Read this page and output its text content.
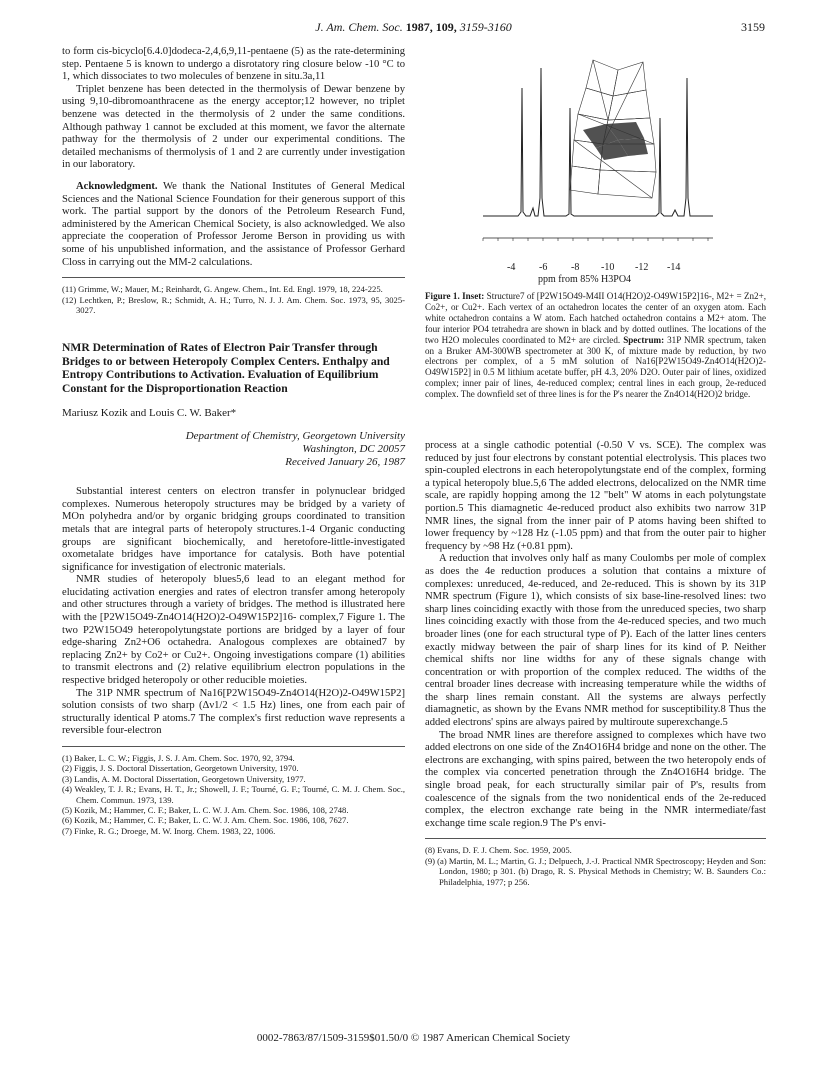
J. Am. Chem. Soc. 1987, 109, 3159-3160	3159

to form cis-bicyclo[6.4.0]dodeca-2,4,6,9,11-pentaene (5) as the rate-determining step. Pentaene 5 is known to undergo a disrotatory ring closure below -10 °C to 1, which dissociates to two molecules of benzene in situ.3a,11

Triplet benzene has been detected in the thermolysis of Dewar benzene by using 9,10-dibromoanthracene as the energy acceptor;12 however, no triplet benzene was detected in the thermolysis of 2 under the same conditions. Although pathway 1 cannot be excluded at this moment, we favor the alternate pathway for the thermolysis of 2 under our experimental conditions. The detailed mechanisms of thermolysis of 1 and 2 are currently under investigation in our laboratory.

Acknowledgment. We thank the National Institutes of General Medical Sciences and the National Science Foundation for their generous support of this work. The partial support by the donors of the Petroleum Research Fund, administered by the American Chemical Society, is also acknowledged. We also appreciate the cooperation of Professor Jerome Berson in providing us with some of his unpublished information, and the assistance of Professor Gerhard Closs in carrying out the MM-2 calculations.

(11) Grimme, W.; Mauer, M.; Reinhardt, G. Angew. Chem., Int. Ed. Engl. 1979, 18, 224-225.

(12) Lechtken, P.; Breslow, R.; Schmidt, A. H.; Turro, N. J. J. Am. Chem. Soc. 1973, 95, 3025-3027.

NMR Determination of Rates of Electron Pair Transfer through Bridges to or between Heteropoly Complex Centers. Enthalpy and Entropy Contributions to Activation. Evaluation of Equilibrium Constant for the Disproportionation Reaction
Mariusz Kozik and Louis C. W. Baker*
Department of Chemistry, Georgetown University
Washington, DC 20057
Received January 26, 1987

Substantial interest centers on electron transfer in polynuclear bridged complexes. Numerous heteropoly structures may be bridged by a variety of MOn polyhedra and/or by organic bridging groups coordinated to transition metals that are integral parts of heteropoly structures.1-4 Organic conducting groups are significant biochemically, and heretofore-little-investigated oxometalate bridges have importance for catalysis. Both have potential significance for investigation of electronic materials.

NMR studies of heteropoly blues5,6 lead to an elegant method for elucidating activation energies and rates of electron transfer among heteropoly and other structures through a variety of bridges. The method is illustrated here with the [P2W15O49-Zn4O14(H2O)2-O49W15P2]16- complex,7 Figure 1. The two P2W15O49 heteropolytungstate portions are bridged by a layer of four edge-sharing Zn2+O6 octahedra. Analogous complexes are obtained7 by replacing Zn2+ by Co2+ or Cu2+. Ongoing investigations compare (1) abilities to transmit electrons and (2) relative equilibrium electron populations in the respective bridged heteropoly or other reducible moieties.

The 31P NMR spectrum of Na16[P2W15O49-Zn4O14(H2O)2-O49W15P2] solution consists of two sharp (Δν1/2 < 1.5 Hz) lines, one from each pair of structurally identical P atoms.7 The complex's first reduction wave represents a reversible four-electron

(1) Baker, L. C. W.; Figgis, J. S. J. Am. Chem. Soc. 1970, 92, 3794.

(2) Figgis, J. S. Doctoral Dissertation, Georgetown University, 1970.

(3) Landis, A. M. Doctoral Dissertation, Georgetown University, 1977.

(4) Weakley, T. J. R.; Evans, H. T., Jr.; Showell, J. F.; Tourné, G. F.; Tourné, C. M. J. Chem. Soc., Chem. Commun. 1973, 139.

(5) Kozik, M.; Hammer, C. F.; Baker, L. C. W. J. Am. Chem. Soc. 1986, 108, 2748.

(6) Kozik, M.; Hammer, C. F.; Baker, L. C. W. J. Am. Chem. Soc. 1986, 108, 7627.

(7) Finke, R. G.; Droege, M. W. Inorg. Chem. 1983, 22, 1006.

-4 -6 -8 -10 -12 -14
ppm from 85% H3PO4
Figure 1. Inset: Structure7 of [P2W15O49-M4II O14(H2O)2-O49W15P2]16-, M2+ = Zn2+, Co2+, or Cu2+. Each vertex of an octahedron locates the center of an oxygen atom. Each white octahedron contains a W atom. Each hatched octahedron contains a M2+ atom. The four interior PO4 tetrahedra are shown in black and by dotted outlines. The locations of the two H2O molecules coordinated to M2+ are circled. Spectrum: 31P NMR spectrum, taken on a Bruker AM-300WB spectrometer at 300 K, of mixture made by reduction, by two electrons per complex, of a 5 mM solution of Na16[P2W15O49-Zn4O14(H2O)2-O49W15P2] in 0.5 M lithium acetate buffer, pH 4.3, 20% D2O. Outer pair of lines, oxidized complex; inner pair of lines, 4e-reduced complex; central lines in each group, 2e-reduced complex. The downfield set of three lines is for the P's nearer the Zn4O14(H2O)2 bridge.

process at a single cathodic potential (-0.50 V vs. SCE). The complex was reduced by just four electrons by constant potential electrolysis. This places two spin-coupled electrons in each heteropolytungstate end of the complex, forming a typical heteropoly blue.5,6 The added electrons, delocalized on the NMR time scale, are rapidly hopping among the 12 "belt" W atoms in each polytungstate portion.5 This diamagnetic 4e-reduced product also exhibits two narrow 31P NMR lines, the signal from the inner pair of P atoms having been shifted to lower frequency by ~128 Hz (-1.05 ppm) and that from the outer pair to higher frequency by ~98 Hz (+0.81 ppm).

A reduction that involves only half as many Coulombs per mole of complex as does the 4e reduction produces a solution that contains a mixture of complexes: unreduced, 4e-reduced, and 2e-reduced. This is shown by its 31P NMR spectrum (Figure 1), which consists of six base-line-resolved lines: two sharp lines coinciding exactly with those from the unreduced species, two sharp lines coinciding exactly with those from the 4e-reduced species, and two much broader lines (one for each structural type of P). Each of the latter lines centers exactly midway between the pair of sharp lines for its kind of P. Neither chemical shifts nor line widths for any of these signals change with concentration or with proportion of the complex reduced. The widths of the central broader lines decrease with increasing temperature while the widths of the sharp lines remain constant. All the systems are always perfectly diamagnetic, as shown by the Evans NMR method for susceptibility.8 Thus the added electrons' spins are always paired by multiroute superexchange.5

The broad NMR lines are therefore assigned to complexes which have two added electrons on one side of the Zn4O16H4 bridge and none on the other. The electrons are exchanging, with spins paired, between the two heteropoly ends of the complex via concerted penetration through the Zn4O16H4 bridge. The single broad peak, for each structurally similar pair of P's, results from coalescence of the signals from the two nonidentical ends of the 2e-reduced complex, the electron exchange rate being in the NMR intermediate/fast exchange time scale region.9 The P's envi-

(8) Evans, D. F. J. Chem. Soc. 1959, 2005.

(9) (a) Martin, M. L.; Martin, G. J.; Delpuech, J.-J. Practical NMR Spectroscopy; Heyden and Son: London, 1980; p 301. (b) Drago, R. S. Physical Methods in Chemistry; W. B. Saunders Co.: Philadelphia, 1977; p 256.

0002-7863/87/1509-3159$01.50/0 © 1987 American Chemical Society
